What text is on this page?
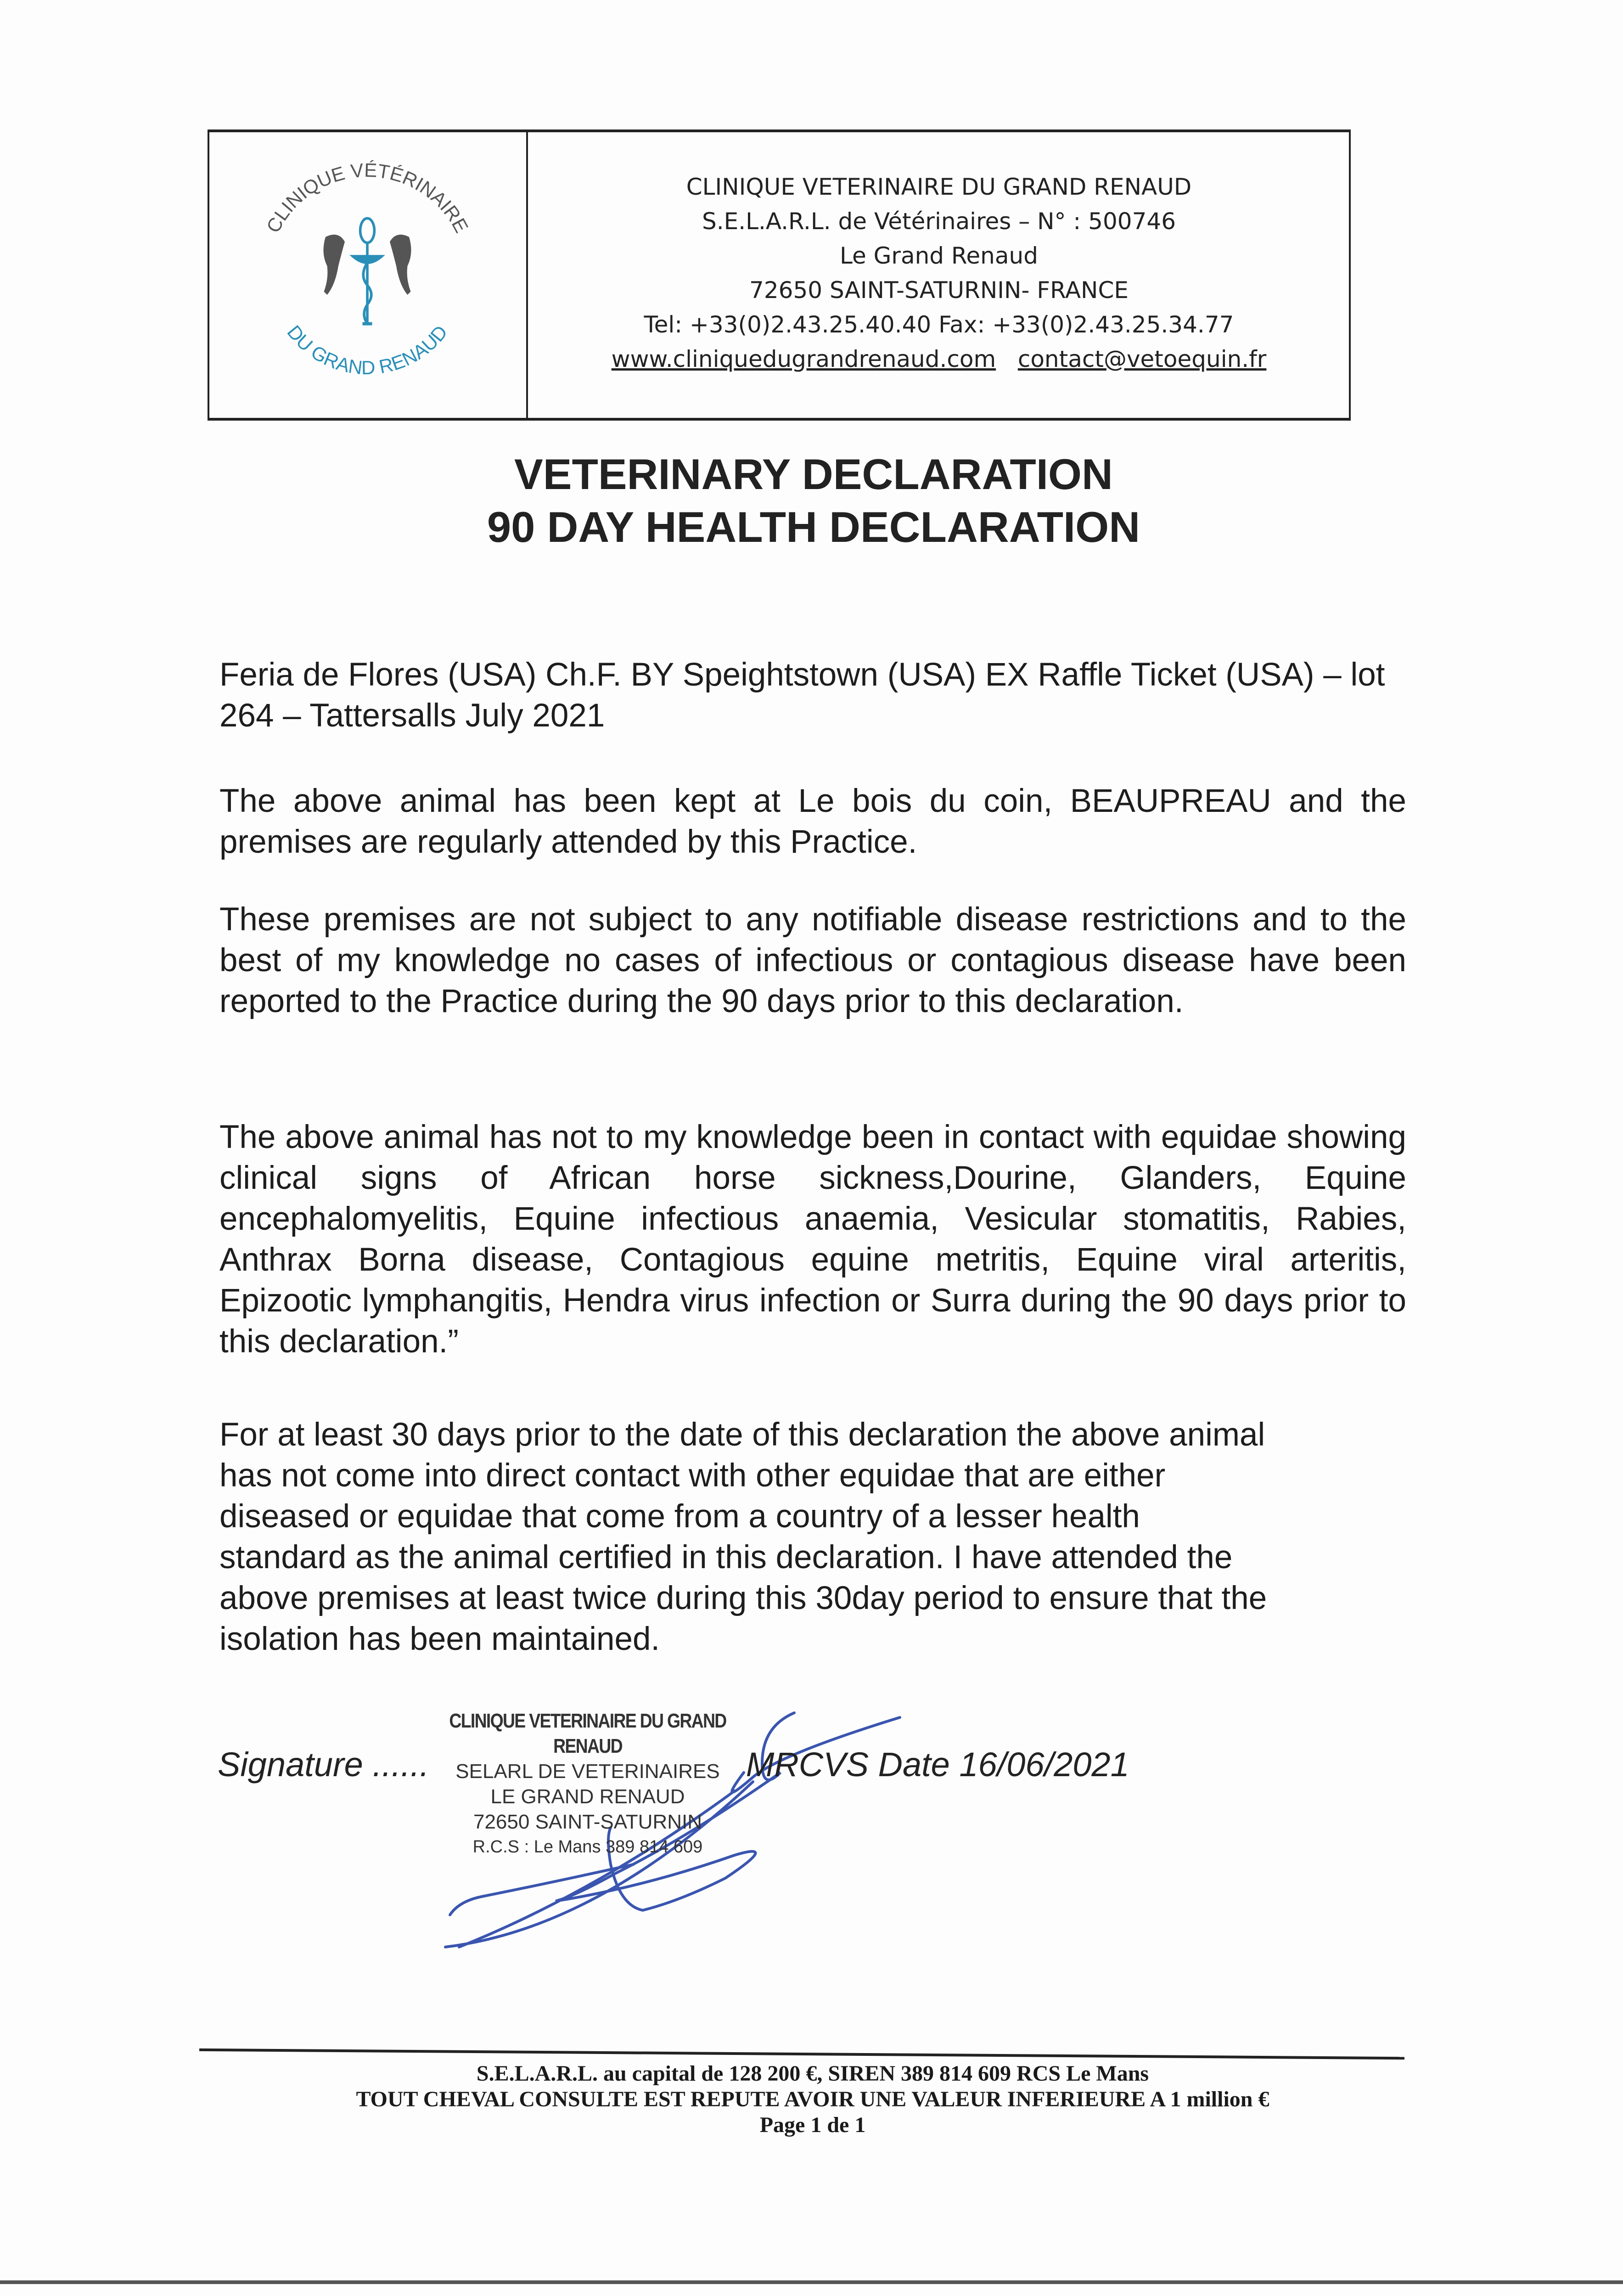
CLINIQUE VÉTÉRINAIRE
DU GRAND RENAUD
CLINIQUE VETERINAIRE DU GRAND RENAUD
S.E.L.A.R.L. de Vétérinaires – N° : 500746
Le Grand Renaud
72650 SAINT-SATURNIN- FRANCE
Tel: +33(0)2.43.25.40.40 Fax: +33(0)2.43.25.34.77
www.cliniquedugrandrenaud.com contact@vetoequin.fr
VETERINARY DECLARATION
90 DAY HEALTH DECLARATION
Feria de Flores (USA) Ch.F. BY Speightstown (USA) EX Raffle Ticket (USA) – lot 264 – Tattersalls July 2021
The above animal has been kept at Le bois du coin, BEAUPREAU and the premises are regularly attended by this Practice.
These premises are not subject to any notifiable disease restrictions and to the best of my knowledge no cases of infectious or contagious disease have been reported to the Practice during the 90 days prior to this declaration.
The above animal has not to my knowledge been in contact with equidae showing clinical signs of African horse sickness,Dourine, Glanders, Equine encephalomyelitis, Equine infectious anaemia, Vesicular stomatitis, Rabies, Anthrax Borna disease, Contagious equine metritis, Equine viral arteritis, Epizootic lymphangitis, Hendra virus infection or Surra during the 90 days prior to this declaration.”
For at least 30 days prior to the date of this declaration the above animal
has not come into direct contact with other equidae that are either
diseased or equidae that come from a country of a lesser health
standard as the animal certified in this declaration. I have attended the
above premises at least twice during this 30day period to ensure that the
isolation has been maintained.
Signature ......	MRCVS Date 16/06/2021
CLINIQUE VETERINAIRE DU GRAND RENAUD
SELARL DE VETERINAIRES
LE GRAND RENAUD
72650 SAINT-SATURNIN
R.C.S : Le Mans 389 814 609
S.E.L.A.R.L. au capital de 128 200 €, SIREN 389 814 609 RCS Le Mans
TOUT CHEVAL CONSULTE EST REPUTE AVOIR UNE VALEUR INFERIEURE A 1 million €
Page 1 de 1
